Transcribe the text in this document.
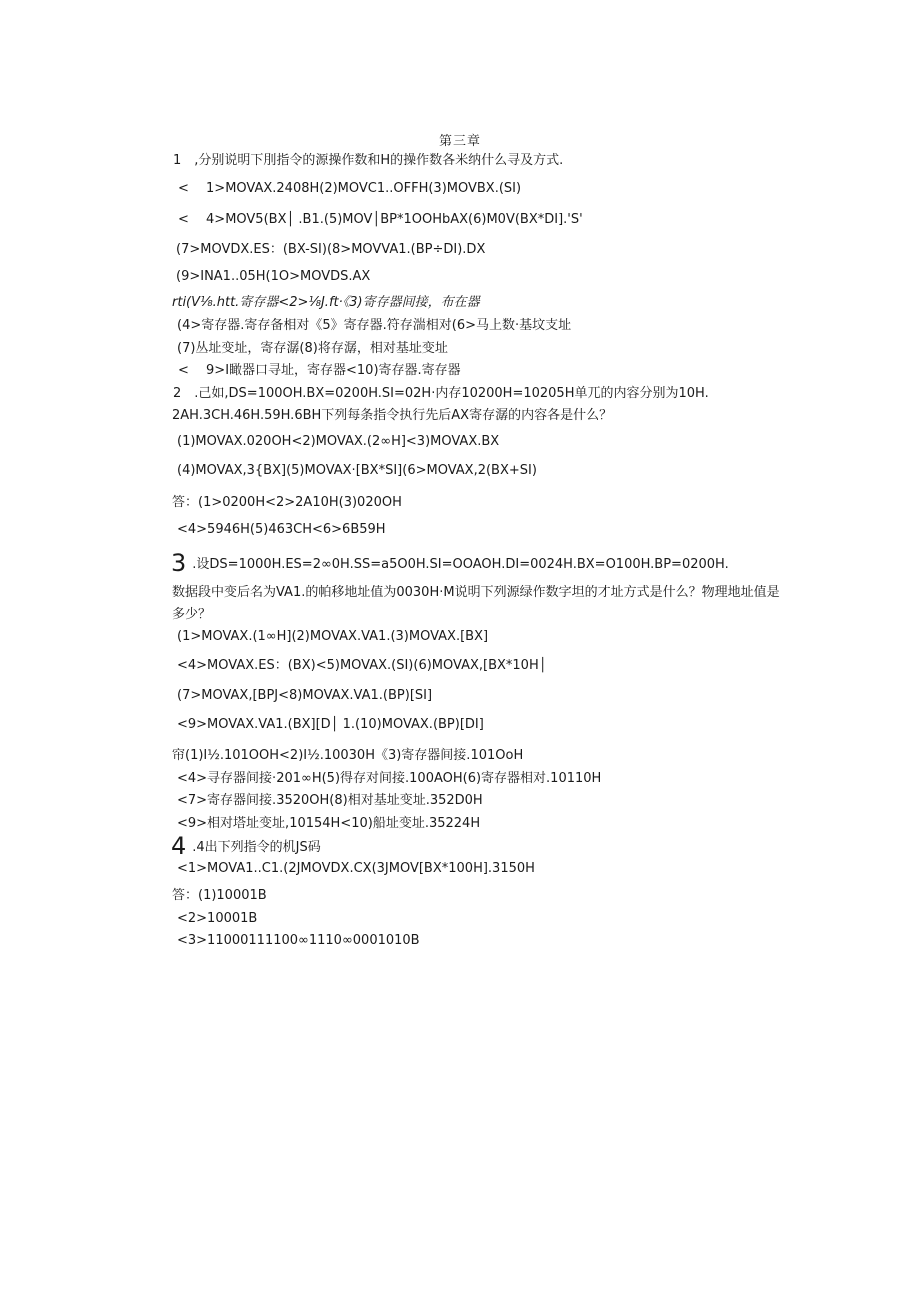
第三章
1　,分别说明下刖指令的源操作数和H的操作数各米纳什么寻及方式.
<　 1>MOVAX.2408H(2)MOVC1..OFFH(3)MOVBX.(SI)
<　 4>MOV5(BX│ .B1.(5)MOV│BP*1OOHbAX(6)M0V(BX*DI].'S'
(7>MOVDX.ES：(BX-SI)(8>MOVVA1.(BP÷DI).DX
(9>INA1..05H(1O>MOVDS.AX
rti(V⅛.htt.寄存器<2>⅛J.ft·《3)寄存器间接，布在器
(4>寄存器.寄存备相对《5》寄存器.符存湍相对(6>马上数·基坟支址
(7)丛址变址，寄存潺(8)将存潺，相对基址变址
<　 9>I瞰器口寻址，寄存器<10)寄存器.寄存器
2　.己如,DS=100OH.BX=0200H.SI=02H·内存10200H=10205H单兀的内容分别为10H.
2AH.3CH.46H.59H.6BH下列每条指令执行先后AX寄存潺的内容各是什么？
(1)MOVAX.020OH<2)MOVAX.(2∞H]<3)MOVAX.BX
(4)MOVAX,3{BX](5)MOVAX·[BX*SI](6>MOVAX,2(BX+SI)
答：(1>0200H<2>2A10H(3)020OH
<4>5946H(5)463CH<6>6B59H
3 .设DS=1000H.ES=2∞0H.SS=a5O0H.SI=OOAOH.DI=0024H.BX=O100H.BP=0200H.
数据段中变后名为VA1.的帕移地址值为0030H·M说明下列源绿作数字坦的才址方式是什么？物理地址值是
多少？
(1>MOVAX.(1∞H](2)MOVAX.VA1.(3)MOVAX.[BX]
<4>MOVAX.ES：(BX)<5)MOVAX.(SI)(6)MOVAX,[BX*10H│
(7>MOVAX,[BPJ<8)MOVAX.VA1.(BP)[SI]
<9>MOVAX.VA1.(BX][D│ 1.(10)MOVAX.(BP)[DI]
帘(1)I½.101OOH<2)I½.10030H《3)寄存器间接.101OoH
<4>寻存器间接·201∞H(5)得存对间接.100AOH(6)寄存器相对.10110H
<7>寄存器间接.3520OH(8)相对基址变址.352D0H
<9>相对塔址变址,10154H<10)船址变址.35224H
4 .4出下列指令的机JS码
<1>MOVA1..C1.(2JMOVDX.CX(3JMOV[BX*100H].3150H
答：(1)10001B
<2>10001B
<3>11000111100∞1110∞0001010B
